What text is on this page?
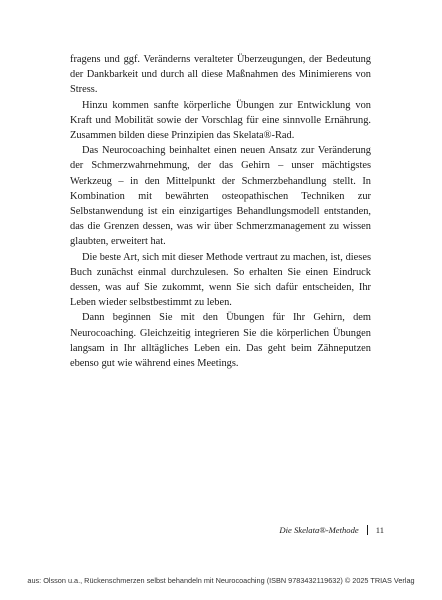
fragens und ggf. Veränderns veralteter Überzeugungen, der Bedeutung der Dankbarkeit und durch all diese Maßnahmen des Minimierens von Stress.

Hinzu kommen sanfte körperliche Übungen zur Entwicklung von Kraft und Mobilität sowie der Vorschlag für eine sinnvolle Ernährung. Zusammen bilden diese Prinzipien das Skelata®-Rad.

Das Neurocoaching beinhaltet einen neuen Ansatz zur Veränderung der Schmerzwahrnehmung, der das Gehirn – unser mächtigstes Werkzeug – in den Mittelpunkt der Schmerzbehandlung stellt. In Kombination mit bewährten osteopathischen Techniken zur Selbstanwendung ist ein einzigartiges Behandlungsmodell entstanden, das die Grenzen dessen, was wir über Schmerzmanagement zu wissen glaubten, erweitert hat.

Die beste Art, sich mit dieser Methode vertraut zu machen, ist, dieses Buch zunächst einmal durchzulesen. So erhalten Sie einen Eindruck dessen, was auf Sie zukommt, wenn Sie sich dafür entscheiden, Ihr Leben wieder selbstbestimmt zu leben.

Dann beginnen Sie mit den Übungen für Ihr Gehirn, dem Neurocoaching. Gleichzeitig integrieren Sie die körperlichen Übungen langsam in Ihr alltägliches Leben ein. Das geht beim Zähneputzen ebenso gut wie während eines Meetings.

Die Skelata®-Methode 11
aus: Olsson u.a., Rückenschmerzen selbst behandeln mit Neurocoaching (ISBN 9783432119632) © 2025 TRIAS Verlag
